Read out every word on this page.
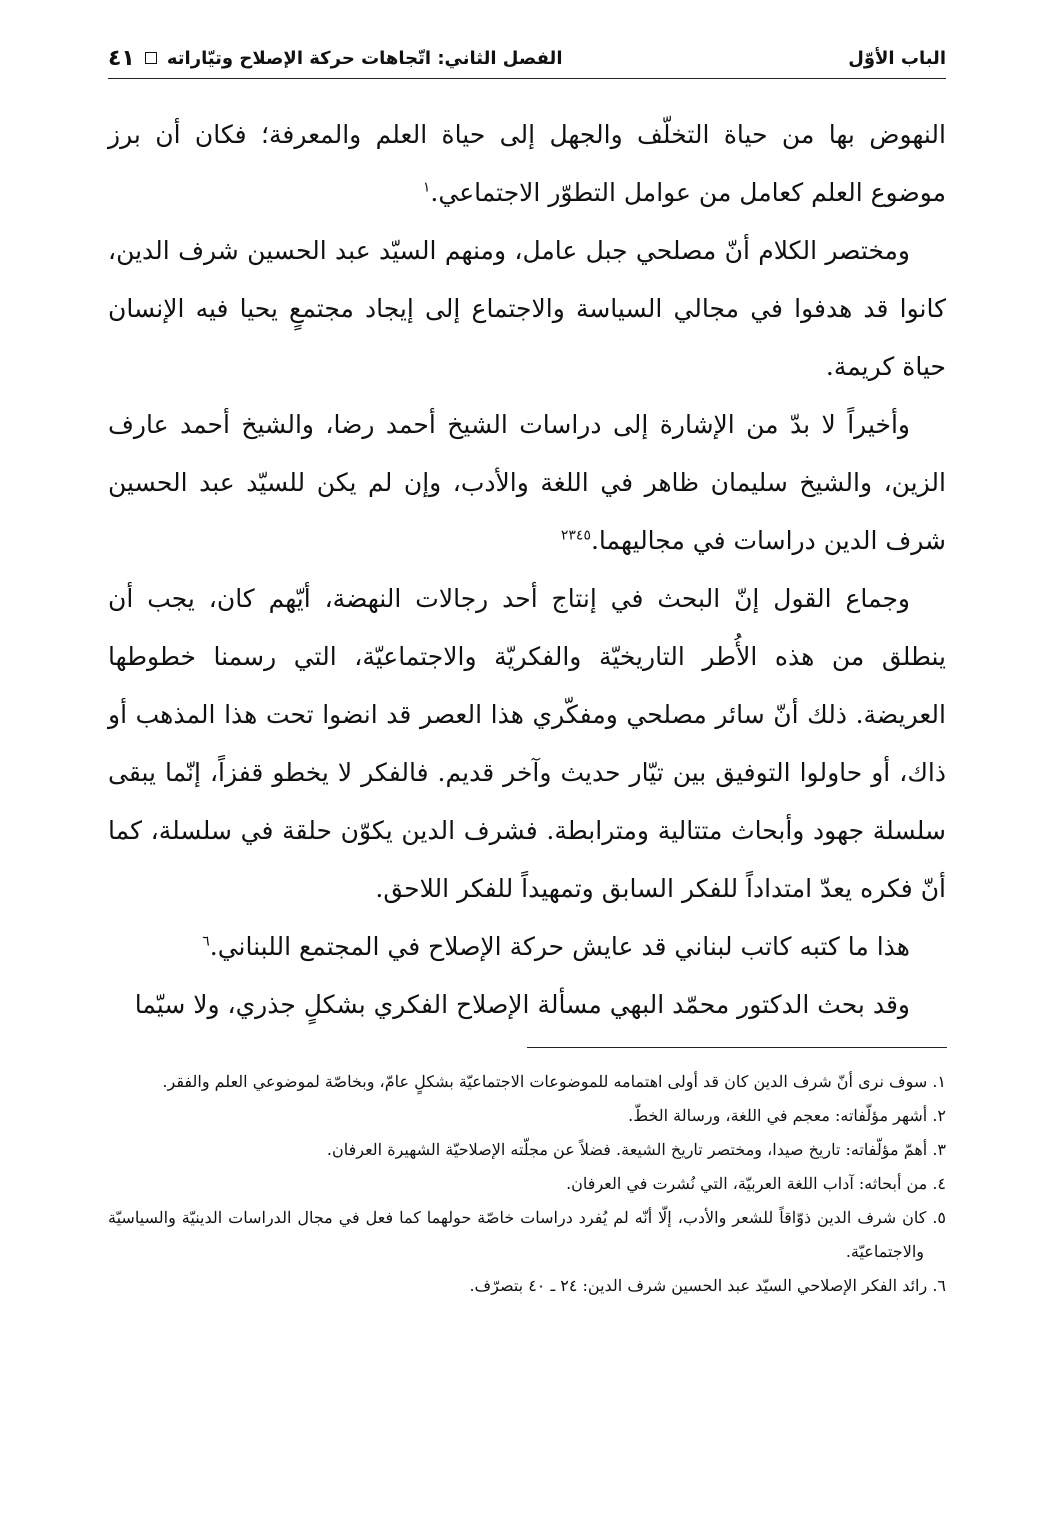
الباب الأوّل
الفصل الثاني: اتّجاهات حركة الإصلاح وتيّاراته
٤١

النهوض بها من حياة التخلّف والجهل إلى حياة العلم والمعرفة؛ فكان أن برز موضوع العلم كعامل من عوامل التطوّر الاجتماعي.$^١$

ومختصر الكلام أنّ مصلحي جبل عامل، ومنهم السيّد عبد الحسين شرف الدين، كانوا قد هدفوا في مجالي السياسة والاجتماع إلى إيجاد مجتمعٍ يحيا فيه الإنسان حياة كريمة.

وأخيراً لا بدّ من الإشارة إلى دراسات الشيخ أحمد رضا، والشيخ أحمد عارف الزين، والشيخ سليمان ظاهر في اللغة والأدب، وإن لم يكن للسيّد عبد الحسين شرف الدين دراسات في مجاليهما.$^{٢٣٤٥}$

وجماع القول إنّ البحث في إنتاج أحد رجالات النهضة، أيّهم كان، يجب أن ينطلق من هذه الأُطر التاريخيّة والفكريّة والاجتماعيّة، التي رسمنا خطوطها العريضة. ذلك أنّ سائر مصلحي ومفكّري هذا العصر قد انضوا تحت هذا المذهب أو ذاك، أو حاولوا التوفيق بين تيّار حديث وآخر قديم. فالفكر لا يخطو قفزاً، إنّما يبقى سلسلة جهود وأبحاث متتالية ومترابطة. فشرف الدين يكوّن حلقة في سلسلة، كما أنّ فكره يعدّ امتداداً للفكر السابق وتمهيداً للفكر اللاحق.

هذا ما كتبه كاتب لبناني قد عايش حركة الإصلاح في المجتمع اللبناني.$^٦$

وقد بحث الدكتور محمّد البهي مسألة الإصلاح الفكري بشكلٍ جذري، ولا سيّما

١. سوف نرى أنّ شرف الدين كان قد أولى اهتمامه للموضوعات الاجتماعيّة بشكلٍ عامّ، وبخاصّة لموضوعي العلم والفقر.

٢. أشهر مؤلّفاته: معجم في اللغة، ورسالة الخطّ.

٣. أهمّ مؤلّفاته: تاريخ صيدا، ومختصر تاريخ الشيعة. فضلاً عن مجلّته الإصلاحيّة الشهيرة العرفان.

٤. من أبحاثه: آداب اللغة العربيّة، التي نُشرت في العرفان.

٥. كان شرف الدين ذوّاقاً للشعر والأدب، إلّا أنّه لم يُفرد دراسات خاصّة حولهما كما فعل في مجال الدراسات الدينيّة والسياسيّة والاجتماعيّة.

٦. رائد الفكر الإصلاحي السيّد عبد الحسين شرف الدين: ٢٤ ـ ٤٠ بتصرّف.
